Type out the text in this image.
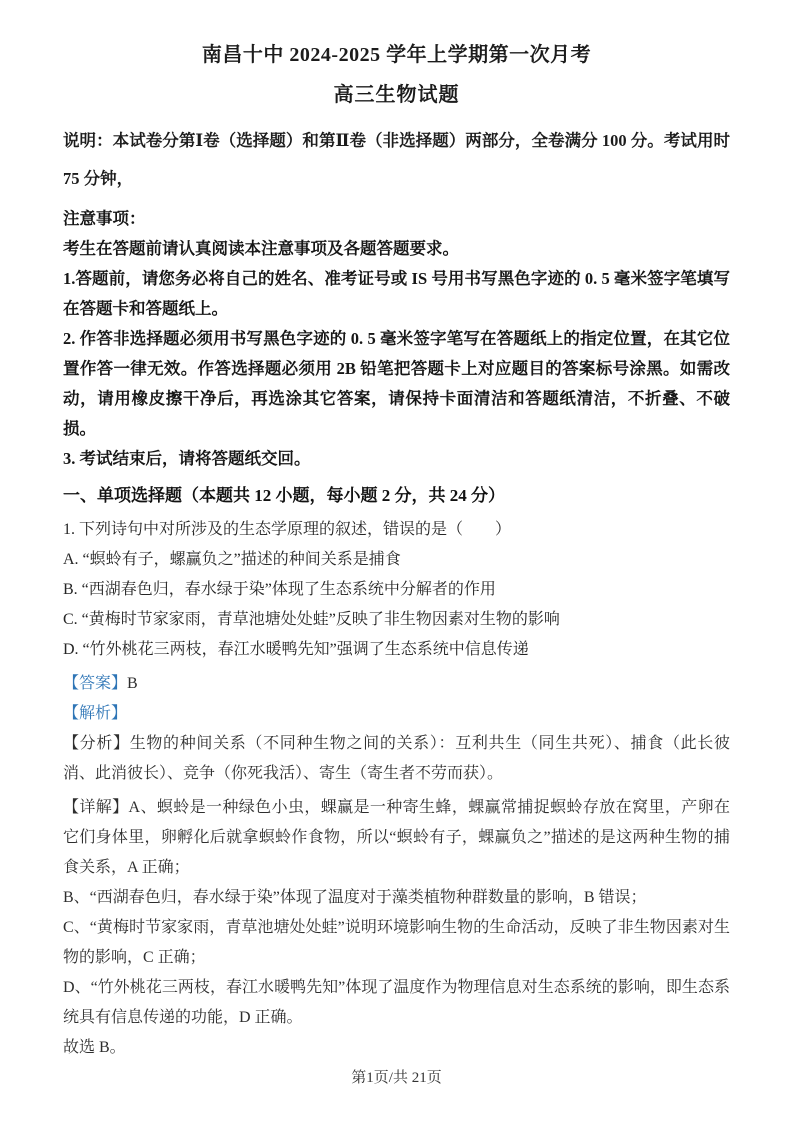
南昌十中 2024-2025 学年上学期第一次月考
高三生物试题

说明：本试卷分第Ⅰ卷（选择题）和第Ⅱ卷（非选择题）两部分，全卷满分 100 分。考试用时 75 分钟，

注意事项：

考生在答题前请认真阅读本注意事项及各题答题要求。

1.答题前，请您务必将自己的姓名、准考证号或 IS 号用书写黑色字迹的 0. 5 毫米签字笔填写在答题卡和答题纸上。

2. 作答非选择题必须用书写黑色字迹的 0. 5 毫米签字笔写在答题纸上的指定位置，在其它位置作答一律无效。作答选择题必须用 2B 铅笔把答题卡上对应题目的答案标号涂黑。如需改动，请用橡皮擦干净后，再选涂其它答案，请保持卡面清洁和答题纸清洁，不折叠、不破损。

3. 考试结束后，请将答题纸交回。

一、单项选择题（本题共 12 小题，每小题 2 分，共 24 分）

1. 下列诗句中对所涉及的生态学原理的叙述，错误的是（　　）

A. “螟蛉有子，螺赢负之”描述的种间关系是捕食

B. “西湖春色归，春水绿于染”体现了生态系统中分解者的作用

C. “黄梅时节家家雨，青草池塘处处蛙”反映了非生物因素对生物的影响

D. “竹外桃花三两枝，春江水暖鸭先知”强调了生态系统中信息传递

【答案】B

【解析】

【分析】生物的种间关系（不同种生物之间的关系）：互利共生（同生共死）、捕食（此长彼消、此消彼长）、竞争（你死我活）、寄生（寄生者不劳而获）。

【详解】A、螟蛉是一种绿色小虫，蜾赢是一种寄生蜂，蜾赢常捕捉螟蛉存放在窝里，产卵在它们身体里，卵孵化后就拿螟蛉作食物，所以“螟蛉有子，蜾赢负之”描述的是这两种生物的捕食关系，A 正确；

B、“西湖春色归，春水绿于染”体现了温度对于藻类植物种群数量的影响，B 错误；

C、“黄梅时节家家雨，青草池塘处处蛙”说明环境影响生物的生命活动，反映了非生物因素对生物的影响，C 正确；

D、“竹外桃花三两枝，春江水暖鸭先知”体现了温度作为物理信息对生态系统的影响，即生态系统具有信息传递的功能，D 正确。

故选 B。

第1页/共 21页
